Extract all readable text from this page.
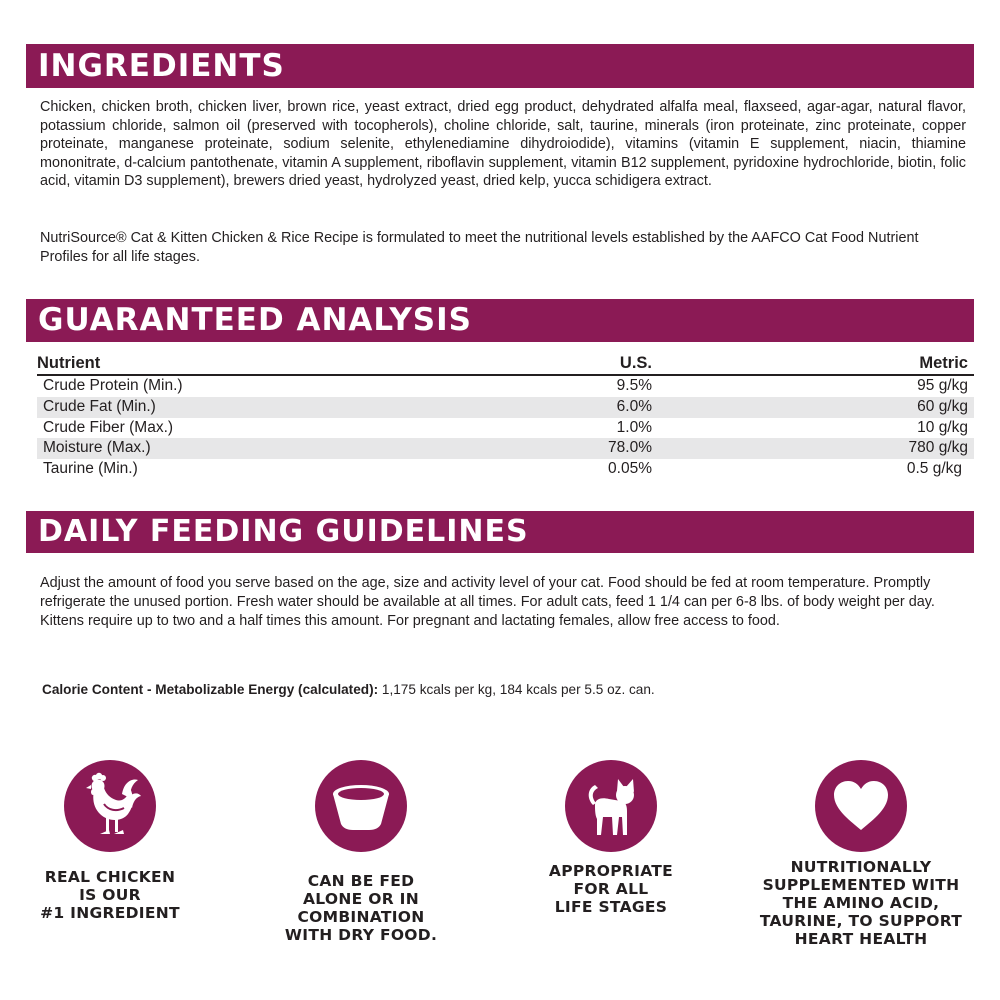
INGREDIENTS

Chicken, chicken broth, chicken liver, brown rice, yeast extract, dried egg product, dehydrated alfalfa meal, flaxseed, agar-agar, natural flavor, potassium chloride, salmon oil (preserved with tocopherols), choline chloride, salt, taurine, minerals (iron proteinate, zinc proteinate, copper proteinate, manganese proteinate, sodium selenite, ethylenediamine dihydroiodide), vitamins (vitamin E supplement, niacin, thiamine mononitrate, d-calcium pantothenate, vitamin A supplement, riboflavin supplement, vitamin B12 supplement, pyridoxine hydrochloride, biotin, folic acid, vitamin D3 supplement), brewers dried yeast, hydrolyzed yeast, dried kelp, yucca schidigera extract.

NutriSource® Cat & Kitten Chicken & Rice Recipe is formulated to meet the nutritional levels established by the AAFCO Cat Food Nutrient Profiles for all life stages.

GUARANTEED ANALYSIS
Nutrient	U.S.	Metric
Crude Protein (Min.)	9.5%	95 g/kg
Crude Fat (Min.)	6.0%	60 g/kg
Crude Fiber (Max.)	1.0%	10 g/kg
Moisture (Max.)	78.0%	780 g/kg
Taurine (Min.)	0.05%	0.5 g/kg
DAILY FEEDING GUIDELINES

Adjust the amount of food you serve based on the age, size and activity level of your cat. Food should be fed at room temperature. Promptly refrigerate the unused portion. Fresh water should be available at all times. For adult cats, feed 1 1/4 can per 6-8 lbs. of body weight per day. Kittens require up to two and a half times this amount. For pregnant and lactating females, allow free access to food.

Calorie Content - Metabolizable Energy (calculated): 1,175 kcals per kg, 184 kcals per 5.5 oz. can.
REAL CHICKEN
IS OUR
#1 INGREDIENT
CAN BE FED
ALONE OR IN
COMBINATION
WITH DRY FOOD.
APPROPRIATE
FOR ALL
LIFE STAGES
NUTRITIONALLY
SUPPLEMENTED WITH
THE AMINO ACID,
TAURINE, TO SUPPORT
HEART HEALTH
